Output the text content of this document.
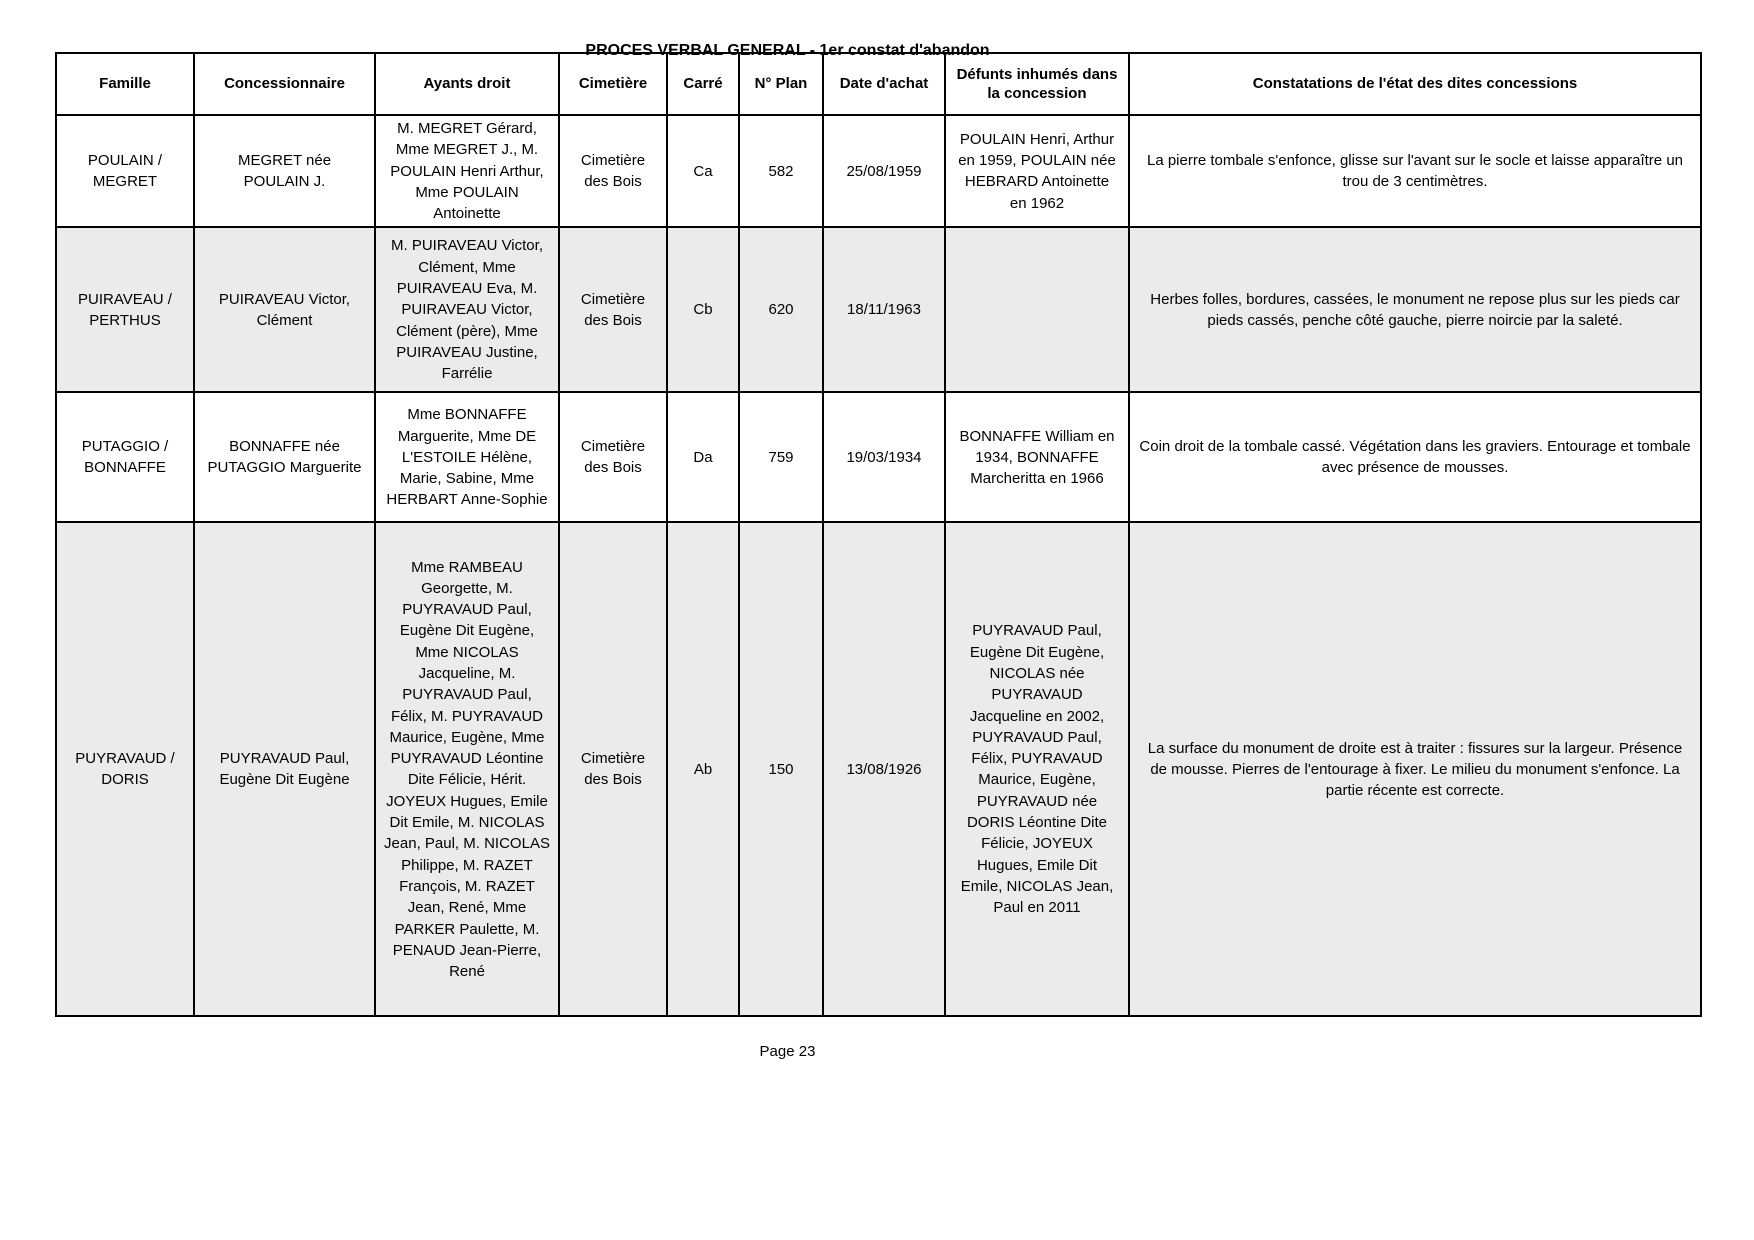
PROCES VERBAL GENERAL - 1er constat d'abandon
Famille	Concessionnaire	Ayants droit	Cimetière	Carré	N° Plan	Date d'achat	Défunts inhumés dans la concession	Constatations de l'état des dites concessions
POULAIN / MEGRET	MEGRET née POULAIN J.	M. MEGRET Gérard, Mme MEGRET J., M. POULAIN Henri Arthur, Mme POULAIN Antoinette	Cimetière des Bois	Ca	582	25/08/1959	POULAIN Henri, Arthur en 1959, POULAIN née HEBRARD Antoinette en 1962	La pierre tombale s'enfonce, glisse sur l'avant sur le socle et laisse apparaître un trou de 3 centimètres.
PUIRAVEAU / PERTHUS	PUIRAVEAU Victor, Clément	M. PUIRAVEAU Victor, Clément, Mme PUIRAVEAU Eva, M. PUIRAVEAU Victor, Clément (père), Mme PUIRAVEAU Justine, Farrélie	Cimetière des Bois	Cb	620	18/11/1963		Herbes folles, bordures, cassées, le monument ne repose plus sur les pieds car pieds cassés, penche côté gauche, pierre noircie par la saleté.
PUTAGGIO / BONNAFFE	BONNAFFE née PUTAGGIO Marguerite	Mme BONNAFFE Marguerite, Mme DE L'ESTOILE Hélène, Marie, Sabine, Mme HERBART Anne-Sophie	Cimetière des Bois	Da	759	19/03/1934	BONNAFFE William en 1934, BONNAFFE Marcheritta en 1966	Coin droit de la tombale cassé. Végétation dans les graviers. Entourage et tombale avec présence de mousses.
PUYRAVAUD / DORIS	PUYRAVAUD Paul, Eugène Dit Eugène	Mme RAMBEAU Georgette, M. PUYRAVAUD Paul, Eugène Dit Eugène, Mme NICOLAS Jacqueline, M. PUYRAVAUD Paul, Félix, M. PUYRAVAUD Maurice, Eugène, Mme PUYRAVAUD Léontine Dite Félicie, Hérit. JOYEUX Hugues, Emile Dit Emile, M. NICOLAS Jean, Paul, M. NICOLAS Philippe, M. RAZET François, M. RAZET Jean, René, Mme PARKER Paulette, M. PENAUD Jean-Pierre, René	Cimetière des Bois	Ab	150	13/08/1926	PUYRAVAUD Paul, Eugène Dit Eugène, NICOLAS née PUYRAVAUD Jacqueline en 2002, PUYRAVAUD Paul, Félix, PUYRAVAUD Maurice, Eugène, PUYRAVAUD née DORIS Léontine Dite Félicie, JOYEUX Hugues, Emile Dit Emile, NICOLAS Jean, Paul en 2011	La surface du monument de droite est à traiter : fissures sur la largeur. Présence de mousse. Pierres de l'entourage à fixer. Le milieu du monument s'enfonce. La partie récente est correcte.
Page 23
